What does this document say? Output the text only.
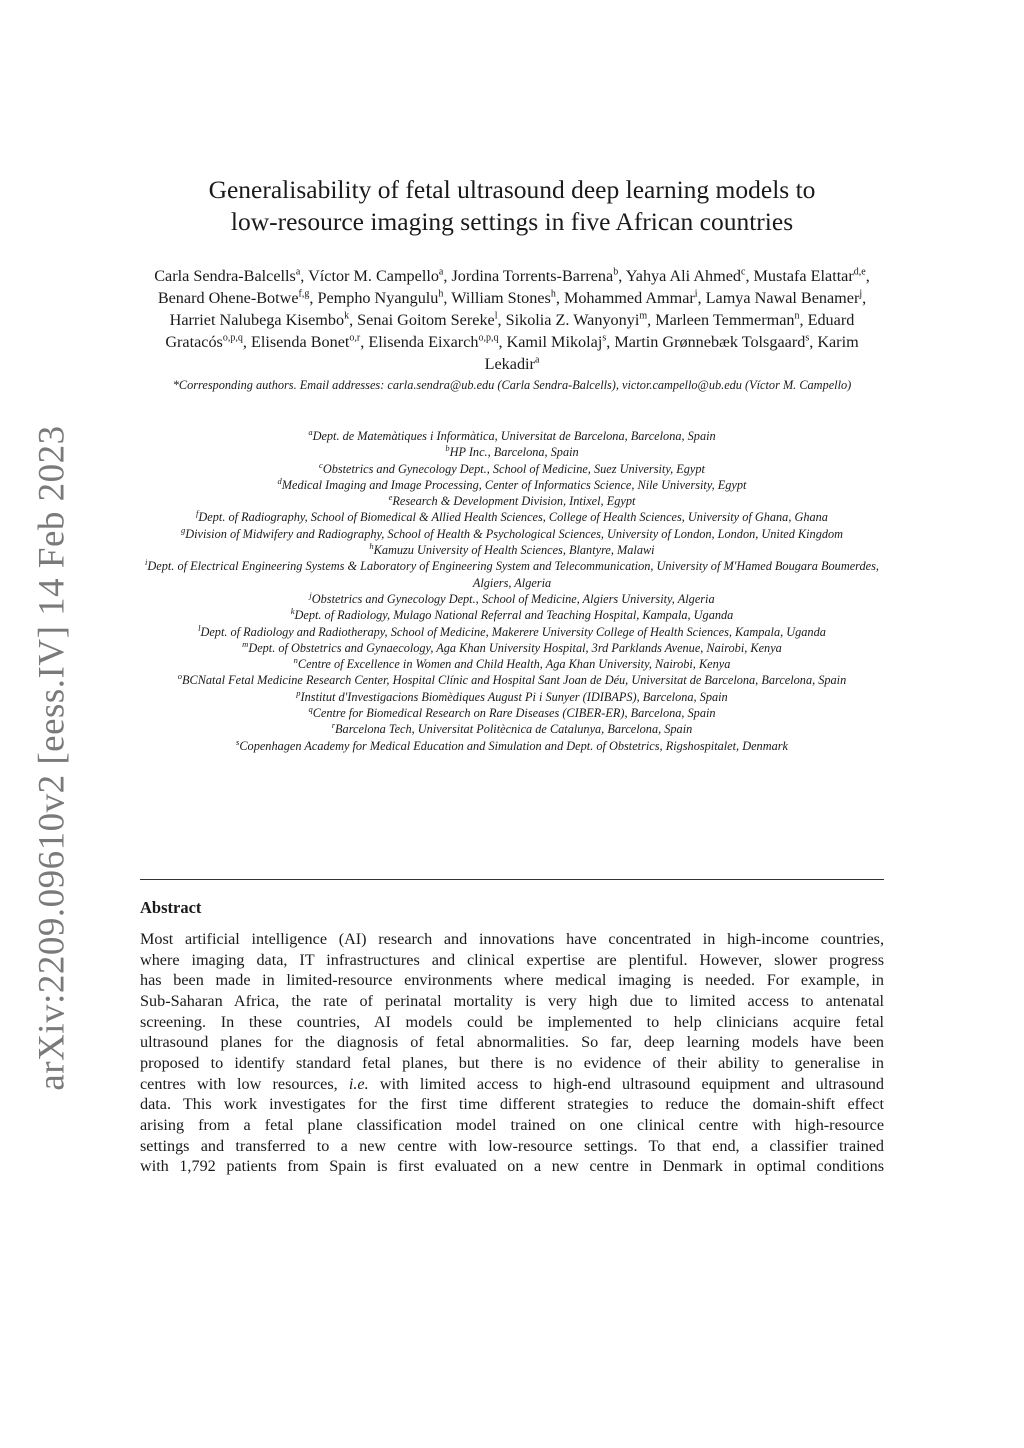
arXiv:2209.09610v2 [eess.IV] 14 Feb 2023
Generalisability of fetal ultrasound deep learning models to
low-resource imaging settings in five African countries
Carla Sendra-Balcells$^a$, Víctor M. Campello$^a$, Jordina Torrents-Barrena$^b$, Yahya Ali Ahmed$^c$, Mustafa Elattar$^{d,e}$, Benard Ohene-Botwe$^{f,g}$, Pempho Nyangulu$^h$, William Stones$^h$, Mohammed Ammar$^i$, Lamya Nawal Benamer$^j$, Harriet Nalubega Kisembo$^k$, Senai Goitom Sereke$^l$, Sikolia Z. Wanyonyi$^m$, Marleen Temmerman$^n$, Eduard Gratacós$^{o,p,q}$, Elisenda Bonet$^{o,r}$, Elisenda Eixarch$^{o,p,q}$, Kamil Mikolaj$^s$, Martin Grønnebæk Tolsgaard$^s$, Karim Lekadir$^a$
*Corresponding authors. Email addresses: carla.sendra@ub.edu (Carla Sendra-Balcells), victor.campello@ub.edu (Víctor M. Campello)
$^a$Dept. de Matemàtiques i Informàtica, Universitat de Barcelona, Barcelona, Spain
$^b$HP Inc., Barcelona, Spain
$^c$Obstetrics and Gynecology Dept., School of Medicine, Suez University, Egypt
$^d$Medical Imaging and Image Processing, Center of Informatics Science, Nile University, Egypt
$^e$Research & Development Division, Intixel, Egypt
$^f$Dept. of Radiography, School of Biomedical & Allied Health Sciences, College of Health Sciences, University of Ghana, Ghana
$^g$Division of Midwifery and Radiography, School of Health & Psychological Sciences, University of London, London, United Kingdom
$^h$Kamuzu University of Health Sciences, Blantyre, Malawi
$^i$Dept. of Electrical Engineering Systems & Laboratory of Engineering System and Telecommunication, University of M'Hamed Bougara Boumerdes, Algiers, Algeria
$^j$Obstetrics and Gynecology Dept., School of Medicine, Algiers University, Algeria
$^k$Dept. of Radiology, Mulago National Referral and Teaching Hospital, Kampala, Uganda
$^l$Dept. of Radiology and Radiotherapy, School of Medicine, Makerere University College of Health Sciences, Kampala, Uganda
$^m$Dept. of Obstetrics and Gynaecology, Aga Khan University Hospital, 3rd Parklands Avenue, Nairobi, Kenya
$^n$Centre of Excellence in Women and Child Health, Aga Khan University, Nairobi, Kenya
$^o$BCNatal Fetal Medicine Research Center, Hospital Clínic and Hospital Sant Joan de Déu, Universitat de Barcelona, Barcelona, Spain
$^p$Institut d'Investigacions Biomèdiques August Pi i Sunyer (IDIBAPS), Barcelona, Spain
$^q$Centre for Biomedical Research on Rare Diseases (CIBER-ER), Barcelona, Spain
$^r$Barcelona Tech, Universitat Politècnica de Catalunya, Barcelona, Spain
$^s$Copenhagen Academy for Medical Education and Simulation and Dept. of Obstetrics, Rigshospitalet, Denmark
Abstract
Most artificial intelligence (AI) research and innovations have concentrated in high-income countries,
where imaging data, IT infrastructures and clinical expertise are plentiful. However, slower progress
has been made in limited-resource environments where medical imaging is needed. For example, in
Sub-Saharan Africa, the rate of perinatal mortality is very high due to limited access to antenatal
screening. In these countries, AI models could be implemented to help clinicians acquire fetal
ultrasound planes for the diagnosis of fetal abnormalities. So far, deep learning models have been
proposed to identify standard fetal planes, but there is no evidence of their ability to generalise in
centres with low resources, i.e. with limited access to high-end ultrasound equipment and ultrasound
data. This work investigates for the first time different strategies to reduce the domain-shift effect
arising from a fetal plane classification model trained on one clinical centre with high-resource
settings and transferred to a new centre with low-resource settings. To that end, a classifier trained
with 1,792 patients from Spain is first evaluated on a new centre in Denmark in optimal conditions
